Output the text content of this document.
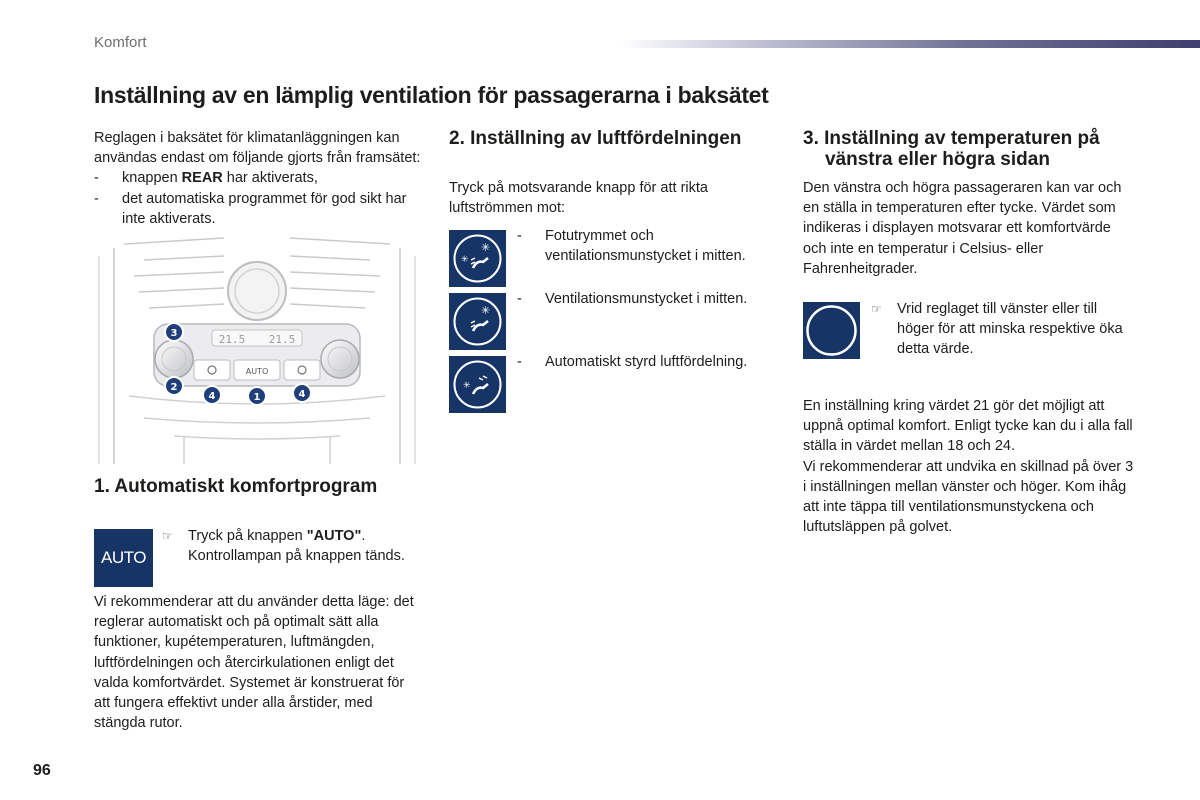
Komfort
Inställning av en lämplig ventilation för passagerarna i baksätet
Reglagen i baksätet för klimatanläggningen kan användas endast om följande gjorts från framsätet:
- knappen REAR har aktiverats,
- det automatiska programmet för god sikt har inte aktiverats.
21.5 21.5
AUTO
3
2
4	1	4
1. Automatiskt komfortprogram
AUTO
☞ Tryck på knappen "AUTO".
Kontrollampan på knappen tänds.
Vi rekommenderar att du använder detta läge: det reglerar automatiskt och på optimalt sätt alla funktioner, kupétemperaturen, luftmängden, luftfördelningen och återcirkulationen enligt det valda komfortvärdet. Systemet är konstruerat för att fungera effektivt under alla årstider, med stängda rutor.
2. Inställning av luftfördelningen
Tryck på motsvarande knapp för att rikta luftströmmen mot:
✳
✳
- Fotutrymmet och ventilationsmunstycket i mitten.
✳
- Ventilationsmunstycket i mitten.
✳
- Automatiskt styrd luftfördelning.
3. Inställning av temperaturen på
vänstra eller högra sidan
Den vänstra och högra passageraren kan var och en ställa in temperaturen efter tycke. Värdet som indikeras i displayen motsvarar ett komfortvärde och inte en temperatur i Celsius- eller Fahrenheitgrader.
☞ Vrid reglaget till vänster eller till höger för att minska respektive öka detta värde.
En inställning kring värdet 21 gör det möjligt att uppnå optimal komfort. Enligt tycke kan du i alla fall ställa in värdet mellan 18 och 24.
Vi rekommenderar att undvika en skillnad på över 3 i inställningen mellan vänster och höger. Kom ihåg att inte täppa till ventilationsmunstyckena och luftutsläppen på golvet.
96
